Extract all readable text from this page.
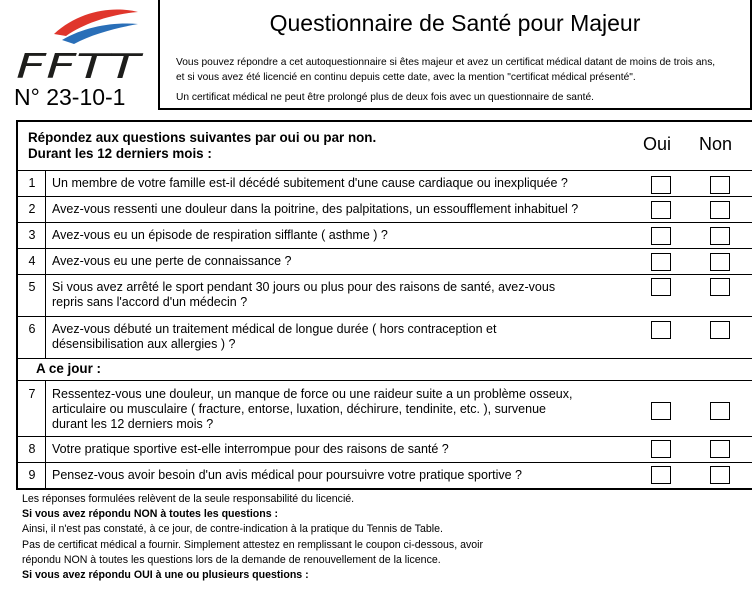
FFTT
N° 23-10-1
Questionnaire de Santé pour Majeur
Vous pouvez répondre a cet autoquestionnaire si êtes majeur et avez un certificat médical datant de moins de trois ans,
et si vous avez été licencié en continu depuis cette date, avec la mention "certificat médical présenté".
Un certificat médical ne peut être prolongé plus de deux fois avec un questionnaire de santé.
Répondez aux questions suivantes par oui ou par non.
Durant les 12 derniers mois :	Oui Non
1	Un membre de votre famille est-il décédé subitement d'une cause cardiaque ou inexpliquée ?
2	Avez-vous ressenti une douleur dans la poitrine, des palpitations, un essoufflement inhabituel ?
3	Avez-vous eu un épisode de respiration sifflante ( asthme ) ?
4	Avez-vous eu une perte de connaissance ?
5	Si vous avez arrêté le sport pendant 30 jours ou plus pour des raisons de santé, avez-vous
repris sans l'accord d'un médecin ?
6	Avez-vous débuté un traitement médical de longue durée ( hors contraception et
désensibilisation aux allergies ) ?
A ce jour :
7	Ressentez-vous une douleur, un manque de force ou une raideur suite a un problème osseux,
articulaire ou musculaire ( fracture, entorse, luxation, déchirure, tendinite, etc. ), survenue
durant les 12 derniers mois ?
8	Votre pratique sportive est-elle interrompue pour des raisons de santé ?
9	Pensez-vous avoir besoin d'un avis médical pour poursuivre votre pratique sportive ?
Les réponses formulées relèvent de la seule responsabilité du licencié.
Si vous avez répondu NON à toutes les questions :
Ainsi, il n'est pas constaté, à ce jour, de contre-indication à la pratique du Tennis de Table.
Pas de certificat médical a fournir. Simplement attestez en remplissant le coupon ci-dessous, avoir
répondu NON à toutes les questions lors de la demande de renouvellement de la licence.
Si vous avez répondu OUI à une ou plusieurs questions :
